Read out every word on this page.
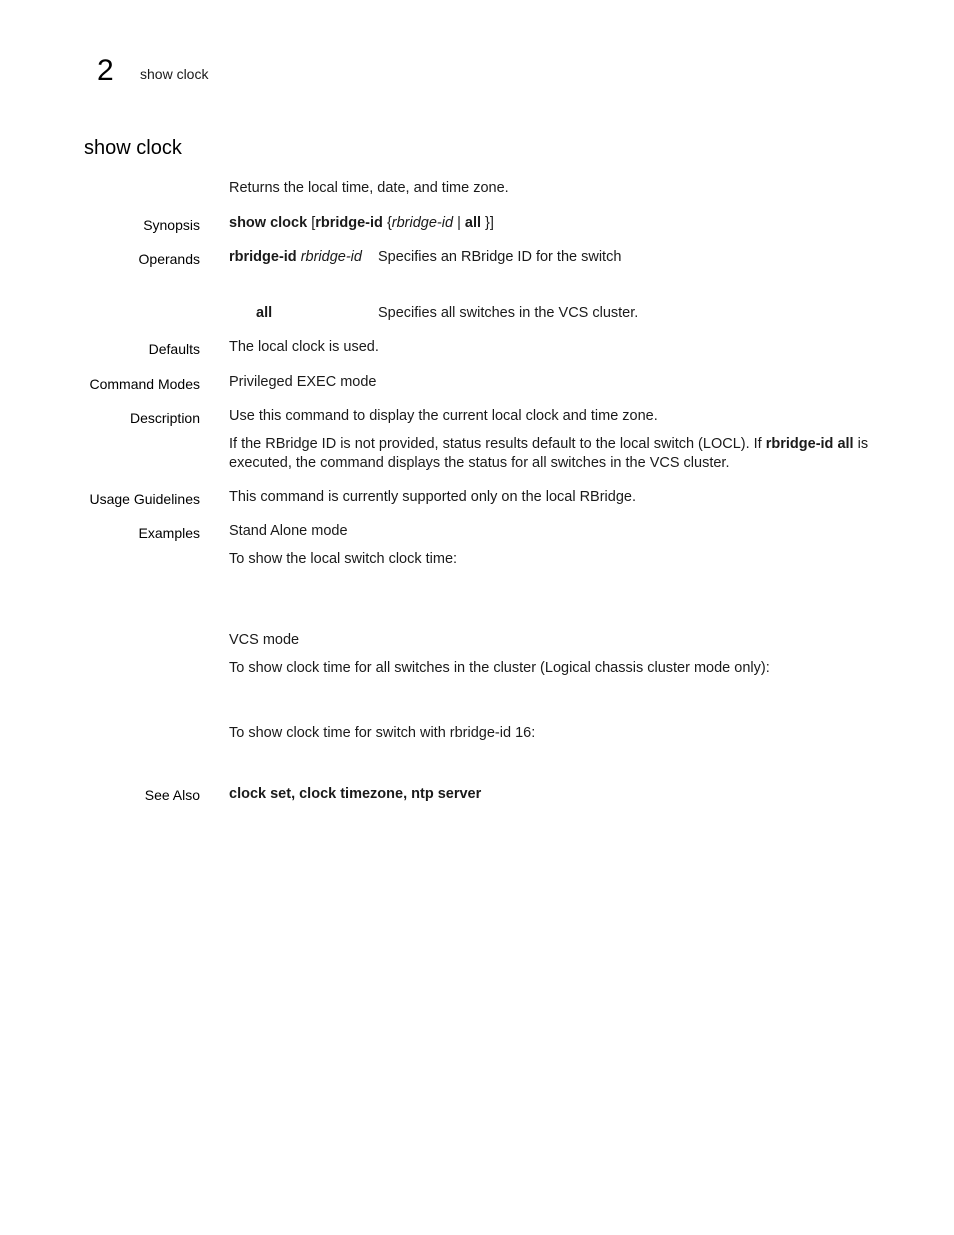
2 show clock
show clock
Returns the local time, date, and time zone.
Synopsis show clock [rbridge-id {rbridge-id | all }]
Operands rbridge-id rbridge-id Specifies an RBridge ID for the switch
all	Specifies all switches in the VCS cluster.
Defaults The local clock is used.
Command Modes Privileged EXEC mode
Description Use this command to display the current local clock and time zone.
If the RBridge ID is not provided, status results default to the local switch (LOCL). If rbridge-id all is executed, the command displays the status for all switches in the VCS cluster.
Usage Guidelines This command is currently supported only on the local RBridge.
Examples Stand Alone mode
To show the local switch clock time:
VCS mode
To show clock time for all switches in the cluster (Logical chassis cluster mode only):
To show clock time for switch with rbridge-id 16:
See Also clock set, clock timezone, ntp server
